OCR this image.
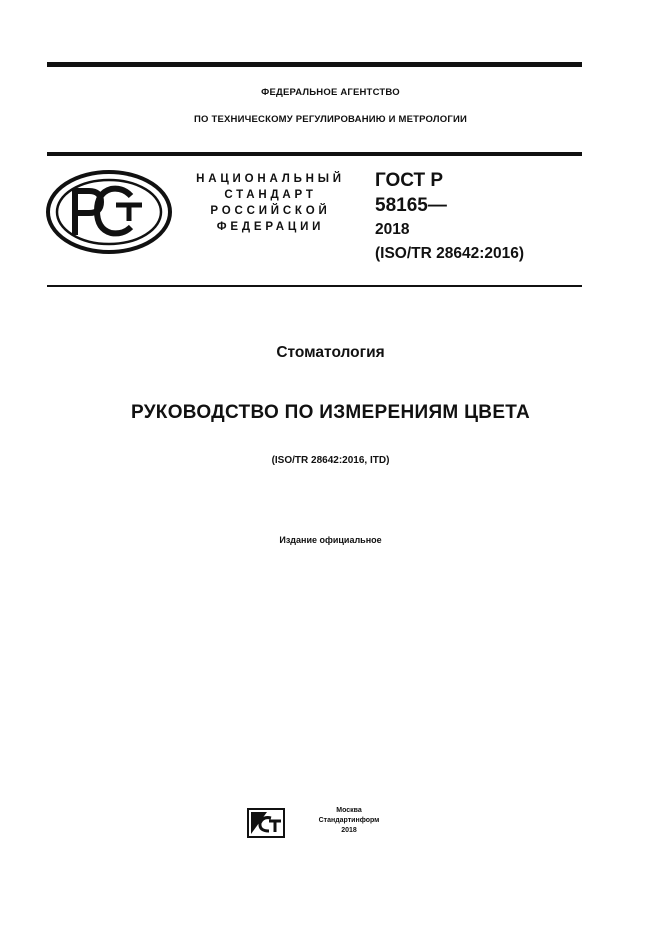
ФЕДЕРАЛЬНОЕ АГЕНТСТВО
ПО ТЕХНИЧЕСКОМУ РЕГУЛИРОВАНИЮ И МЕТРОЛОГИИ
НАЦИОНАЛЬНЫЙ
СТАНДАРТ
РОССИЙСКОЙ
ФЕДЕРАЦИИ
ГОСТ Р
58165—
2018
(ISO/TR 28642:2016)
Стоматология
РУКОВОДСТВО ПО ИЗМЕРЕНИЯМ ЦВЕТА
(ISO/TR 28642:2016, ITD)
Издание официальное
Москва
Стандартинформ
2018
